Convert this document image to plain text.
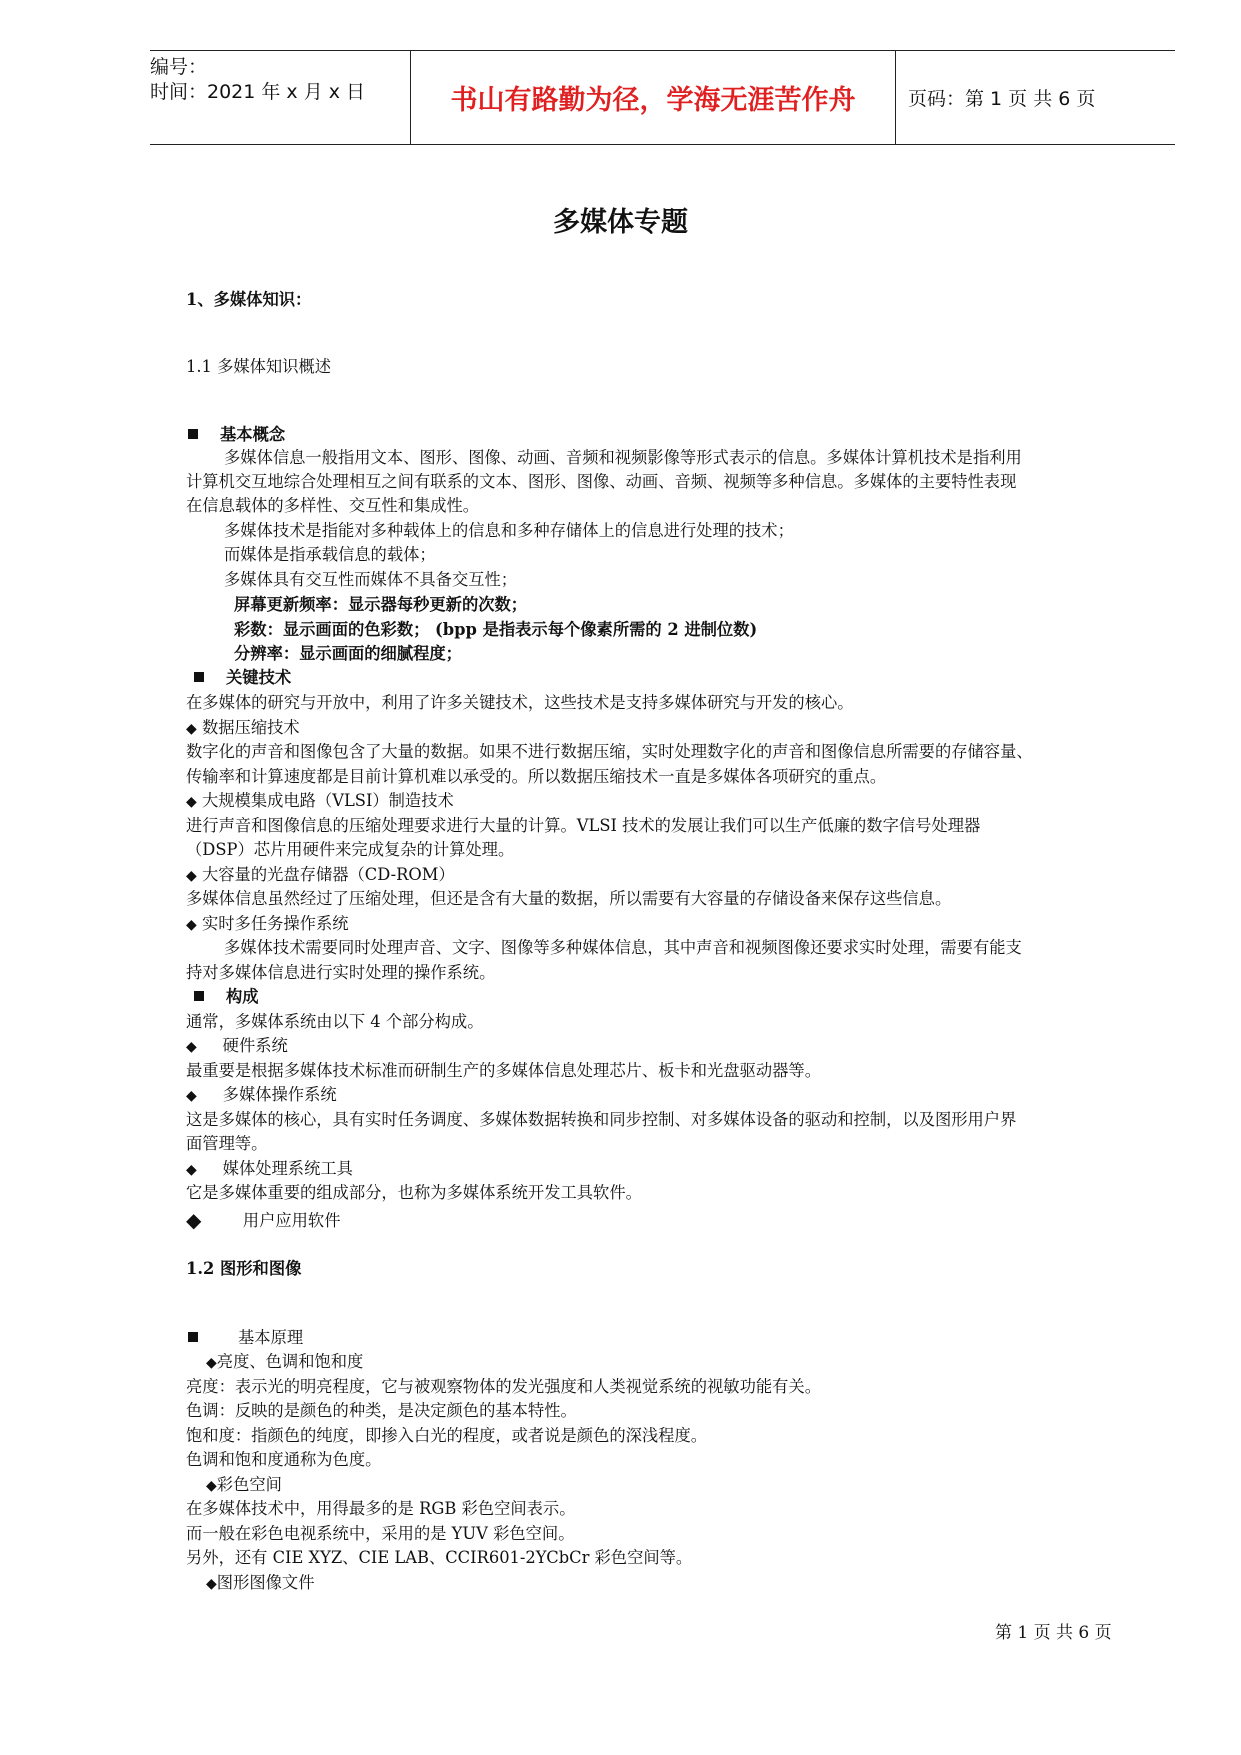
编号：
时间：2021 年 x 月 x 日	书山有路勤为径，学海无涯苦作舟	页码：第 1 页 共 6 页
多媒体专题
1、多媒体知识：
1.1 多媒体知识概述
基本概念
多媒体信息一般指用文本、图形、图像、动画、音频和视频影像等形式表示的信息。多媒体计算机技术是指利用
计算机交互地综合处理相互之间有联系的文本、图形、图像、动画、音频、视频等多种信息。多媒体的主要特性表现
在信息载体的多样性、交互性和集成性。
多媒体技术是指能对多种载体上的信息和多种存储体上的信息进行处理的技术；
而媒体是指承载信息的载体；
多媒体具有交互性而媒体不具备交互性；
屏幕更新频率：显示器每秒更新的次数；
彩数：显示画面的色彩数； (bpp 是指表示每个像素所需的 2 进制位数)
分辨率：显示画面的细腻程度；
关键技术
在多媒体的研究与开放中，利用了许多关键技术，这些技术是支持多媒体研究与开发的核心。
◆ 数据压缩技术
数字化的声音和图像包含了大量的数据。如果不进行数据压缩，实时处理数字化的声音和图像信息所需要的存储容量、
传输率和计算速度都是目前计算机难以承受的。所以数据压缩技术一直是多媒体各项研究的重点。
◆ 大规模集成电路（VLSI）制造技术
进行声音和图像信息的压缩处理要求进行大量的计算。VLSI 技术的发展让我们可以生产低廉的数字信号处理器
（DSP）芯片用硬件来完成复杂的计算处理。
◆ 大容量的光盘存储器（CD-ROM）
多媒体信息虽然经过了压缩处理，但还是含有大量的数据，所以需要有大容量的存储设备来保存这些信息。
◆ 实时多任务操作系统
多媒体技术需要同时处理声音、文字、图像等多种媒体信息，其中声音和视频图像还要求实时处理，需要有能支
持对多媒体信息进行实时处理的操作系统。
构成
通常，多媒体系统由以下 4 个部分构成。
◆ 硬件系统
最重要是根据多媒体技术标准而研制生产的多媒体信息处理芯片、板卡和光盘驱动器等。
◆ 多媒体操作系统
这是多媒体的核心，具有实时任务调度、多媒体数据转换和同步控制、对多媒体设备的驱动和控制，以及图形用户界
面管理等。
◆ 媒体处理系统工具
它是多媒体重要的组成部分，也称为多媒体系统开发工具软件。
◆	用户应用软件
1.2 图形和图像
基本原理
◆亮度、色调和饱和度
亮度：表示光的明亮程度，它与被观察物体的发光强度和人类视觉系统的视敏功能有关。
色调：反映的是颜色的种类，是决定颜色的基本特性。
饱和度：指颜色的纯度，即掺入白光的程度，或者说是颜色的深浅程度。
色调和饱和度通称为色度。
◆彩色空间
在多媒体技术中，用得最多的是 RGB 彩色空间表示。
而一般在彩色电视系统中，采用的是 YUV 彩色空间。
另外，还有 CIE XYZ、CIE LAB、CCIR601-2YCbCr 彩色空间等。
◆图形图像文件
第 1 页 共 6 页
